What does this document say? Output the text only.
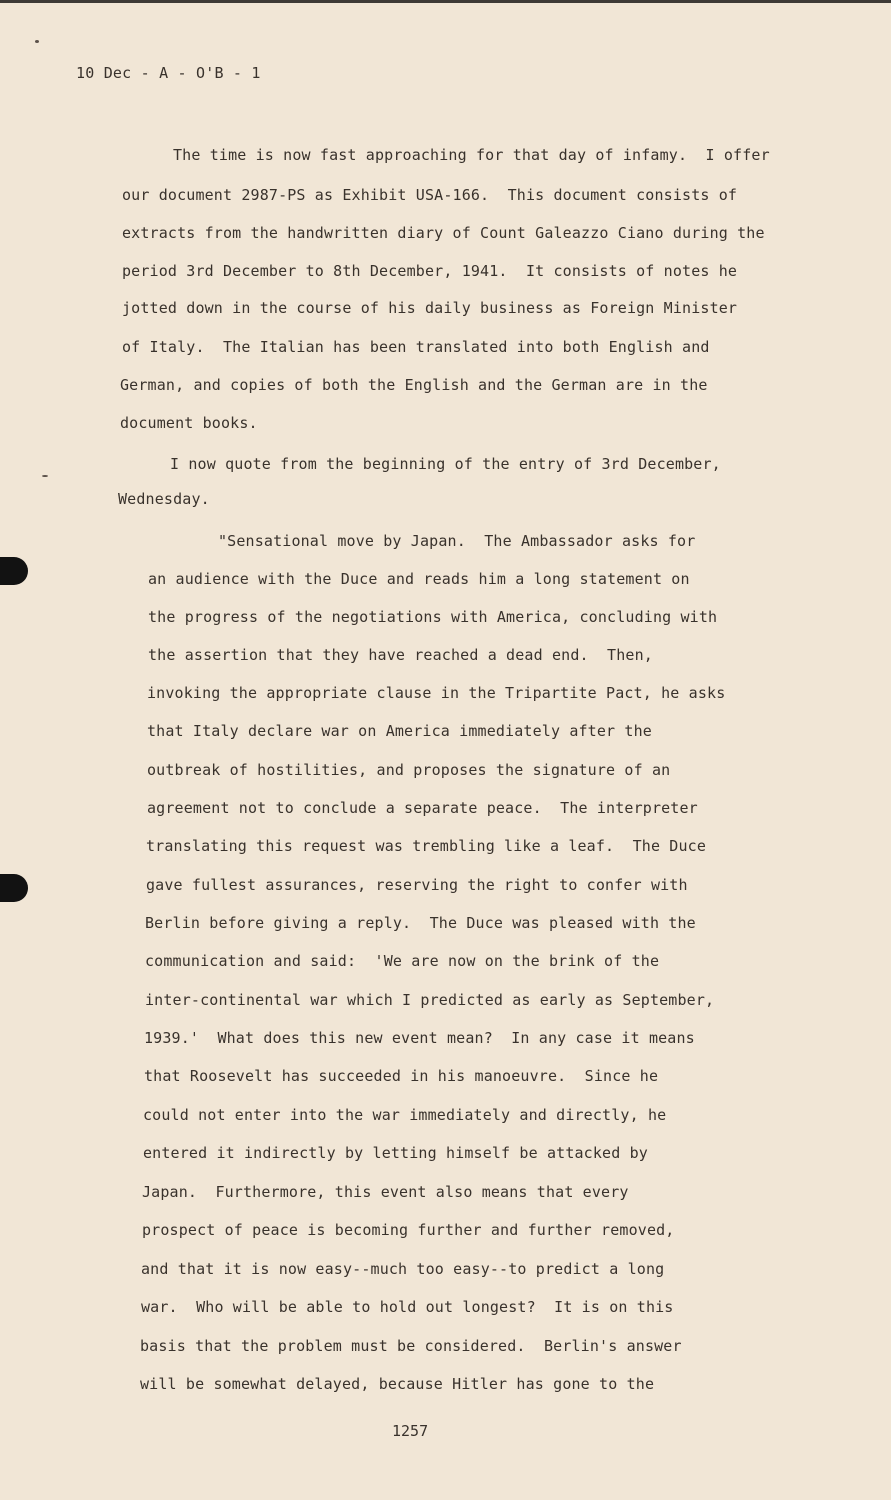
10 Dec - A - O'B - 1
The time is now fast approaching for that day of infamy.  I offer
our document 2987-PS as Exhibit USA-166.  This document consists of
extracts from the handwritten diary of Count Galeazzo Ciano during the
period 3rd December to 8th December, 1941.  It consists of notes he
jotted down in the course of his daily business as Foreign Minister
of Italy.  The Italian has been translated into both English and
German, and copies of both the English and the German are in the
document books.
I now quote from the beginning of the entry of 3rd December,
Wednesday.
"Sensational move by Japan.  The Ambassador asks for
an audience with the Duce and reads him a long statement on
the progress of the negotiations with America, concluding with
the assertion that they have reached a dead end.  Then,
invoking the appropriate clause in the Tripartite Pact, he asks
that Italy declare war on America immediately after the
outbreak of hostilities, and proposes the signature of an
agreement not to conclude a separate peace.  The interpreter
translating this request was trembling like a leaf.  The Duce
gave fullest assurances, reserving the right to confer with
Berlin before giving a reply.  The Duce was pleased with the
communication and said:  'We are now on the brink of the
inter-continental war which I predicted as early as September,
1939.'  What does this new event mean?  In any case it means
that Roosevelt has succeeded in his manoeuvre.  Since he
could not enter into the war immediately and directly, he
entered it indirectly by letting himself be attacked by
Japan.  Furthermore, this event also means that every
prospect of peace is becoming further and further removed,
and that it is now easy--much too easy--to predict a long
war.  Who will be able to hold out longest?  It is on this
basis that the problem must be considered.  Berlin's answer
will be somewhat delayed, because Hitler has gone to the
1257
